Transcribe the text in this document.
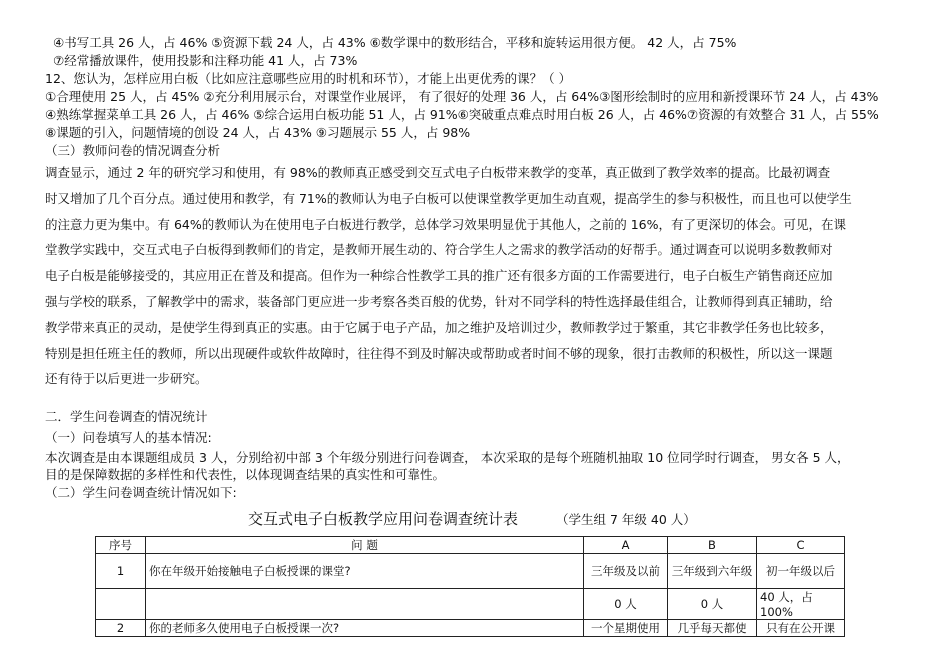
④书写工具 26 人，占 46% ⑤资源下载 24 人，占 43% ⑥数学课中的数形结合，平移和旋转运用很方便。 42 人，占 75%
⑦经常播放课件，使用投影和注释功能 41 人，占 73%
12、您认为，怎样应用白板（比如应注意哪些应用的时机和环节），才能上出更优秀的课？（ ）
①合理使用 25 人，占 45% ②充分利用展示台，对课堂作业展评， 有了很好的处理 36 人，占 64%③图形绘制时的应用和新授课环节 24 人，占 43%
④熟练掌握菜单工具 26 人，占 46% ⑤综合运用白板功能 51 人，占 91%⑥突破重点难点时用白板 26 人，占 46%⑦资源的有效整合 31 人，占 55%
⑧课题的引入，问题情境的创设 24 人，占 43% ⑨习题展示 55 人，占 98%
（三）教师问卷的情况调查分析

调查显示，通过 2 年的研究学习和使用，有 98%的教师真正感受到交互式电子白板带来教学的变革，真正做到了教学效率的提高。比最初调查

时又增加了几个百分点。通过使用和教学，有 71%的教师认为电子白板可以使课堂教学更加生动直观，提高学生的参与积极性，而且也可以使学生

的注意力更为集中。有 64%的教师认为在使用电子白板进行教学，总体学习效果明显优于其他人，之前的 16%，有了更深切的体会。可见，在课

堂教学实践中，交互式电子白板得到教师们的肯定，是教师开展生动的、符合学生人之需求的教学活动的好帮手。通过调查可以说明多数教师对

电子白板是能够接受的，其应用正在普及和提高。但作为一种综合性教学工具的推广还有很多方面的工作需要进行，电子白板生产销售商还应加

强与学校的联系，了解教学中的需求，装备部门更应进一步考察各类百般的优势，针对不同学科的特性选择最佳组合，让教师得到真正辅助，给

教学带来真正的灵动，是使学生得到真正的实惠。由于它属于电子产品，加之维护及培训过少，教师教学过于繁重，其它非教学任务也比较多，

特别是担任班主任的教师，所以出现硬件或软件故障时，往往得不到及时解决或帮助或者时间不够的现象，很打击教师的积极性，所以这一课题

还有待于以后更进一步研究。

二．学生问卷调查的情况统计
（一）问卷填写人的基本情况:
本次调查是由本课题组成员 3 人，分别给初中部 3 个年级分别进行问卷调查， 本次采取的是每个班随机抽取 10 位同学时行调查， 男女各 5 人，
目的是保障数据的多样性和代表性，以体现调查结果的真实性和可靠性。
（二）学生问卷调查统计情况如下:
交互式电子白板教学应用问卷调查统计表	（学生组 7 年级 40 人）
序号	问 题	A	B	C
1	你在年级开始接触电子白板授课的课堂?	三年级及以前	三年级到六年级	初一年级以后
		0 人	0 人	40 人，占 100%
2	你的老师多久使用电子白板授课一次?	一个星期使用	几乎每天都使	只有在公开课
